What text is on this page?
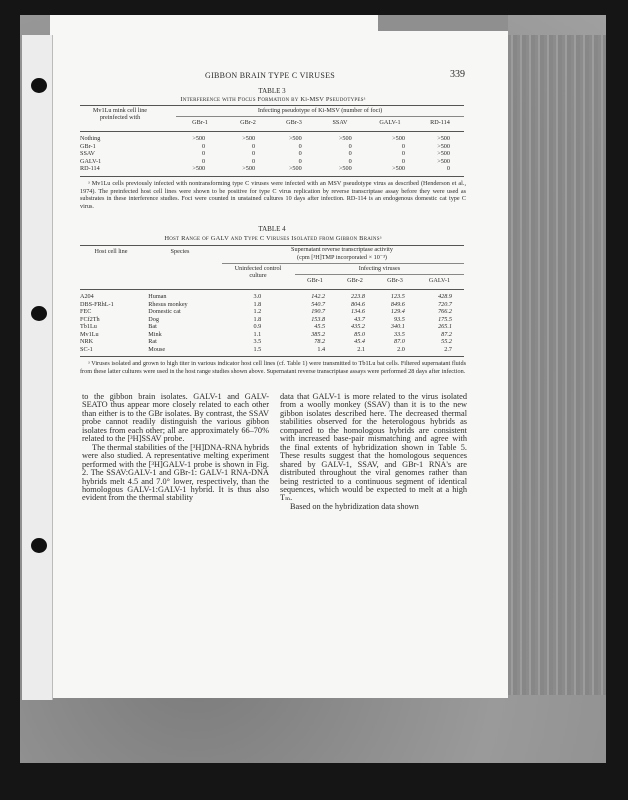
GIBBON BRAIN TYPE C VIRUSES	339
TABLE 3
Interference with Focus Formation by Ki-MSV Pseudotypesᵃ
Mv1Lu mink cell line preinfected with
Infecting pseudotype of Ki-MSV (number of foci)
GBr-1	GBr-2	GBr-3	SSAV	GALV-1	RD-114
Nothing	>500	>500	>500	>500	>500	>500
GBr-1	0	0	0	0	0	>500
SSAV	0	0	0	0	0	>500
GALV-1	0	0	0	0	0	>500
RD-114	>500	>500	>500	>500	>500	0

ᵃ Mv1Lu cells previously infected with nontransforming type C viruses were infected with an MSV pseudotype virus as described (Henderson et al., 1974). The preinfected host cell lines were shown to be positive for type C virus replication by reverse transcriptase assay before they were used as substrates in these interference studies. Foci were counted in unstained cultures 10 days after infection. RD-114 is an endogenous domestic cat type C virus.

TABLE 4
Host Range of GALV and Type C Viruses Isolated from Gibbon Brainsᵃ
Host cell line	Species	Supernatant reverse transcriptase activity
(cpm [³H]TMP incorporated × 10⁻³)
Uninfected control culture
Infecting viruses
GBr-1	GBr-2	GBr-3	GALV-1
A204	Human	3.0	142.2	223.8	123.5	428.9
DBS-FRhL-1	Rhesus monkey	1.8	540.7	804.6	849.6	720.7
FEC	Domestic cat	1.2	190.7	134.6	129.4	766.2
FCf2Th	Dog	1.8	153.8	43.7	93.5	175.5
Tb1Lu	Bat	0.9	45.5	435.2	340.1	265.1
Mv1Lu	Mink	1.1	385.2	85.0	33.5	87.2
NRK	Rat	3.5	78.2	45.4	87.0	55.2
SC-1	Mouse	1.5	1.4	2.1	2.0	2.7

ᵃ Viruses isolated and grown to high titer in various indicator host cell lines (cf. Table 1) were transmitted to Tb1Lu bat cells. Filtered supernatant fluids from these latter cultures were used in the host range studies shown above. Supernatant reverse transcriptase assays were performed 28 days after infection.

to the gibbon brain isolates. GALV-1 and GALV-SEATO thus appear more closely related to each other than either is to the GBr isolates. By contrast, the SSAV probe cannot readily distinguish the various gibbon isolates from each other; all are approximately 66–70% related to the [³H]SSAV probe.

The thermal stabilities of the [³H]DNA-RNA hybrids were also studied. A representative melting experiment performed with the [³H]GALV-1 probe is shown in Fig. 2. The SSAV:GALV-1 and GBr-1: GALV-1 RNA-DNA hybrids melt 4.5 and 7.0° lower, respectively, than the homologous GALV-1:GALV-1 hybrid. It is thus also evident from the thermal stability

data that GALV-1 is more related to the virus isolated from a woolly monkey (SSAV) than it is to the new gibbon isolates described here. The decreased thermal stabilities observed for the heterologous hybrids as compared to the homologous hybrids are consistent with increased base-pair mismatching and agree with the final extents of hybridization shown in Table 5. These results suggest that the homologous sequences shared by GALV-1, SSAV, and GBr-1 RNA's are distributed throughout the viral genomes rather than being restricted to a continuous segment of identical sequences, which would be expected to melt at a high Tₘ.

Based on the hybridization data shown
